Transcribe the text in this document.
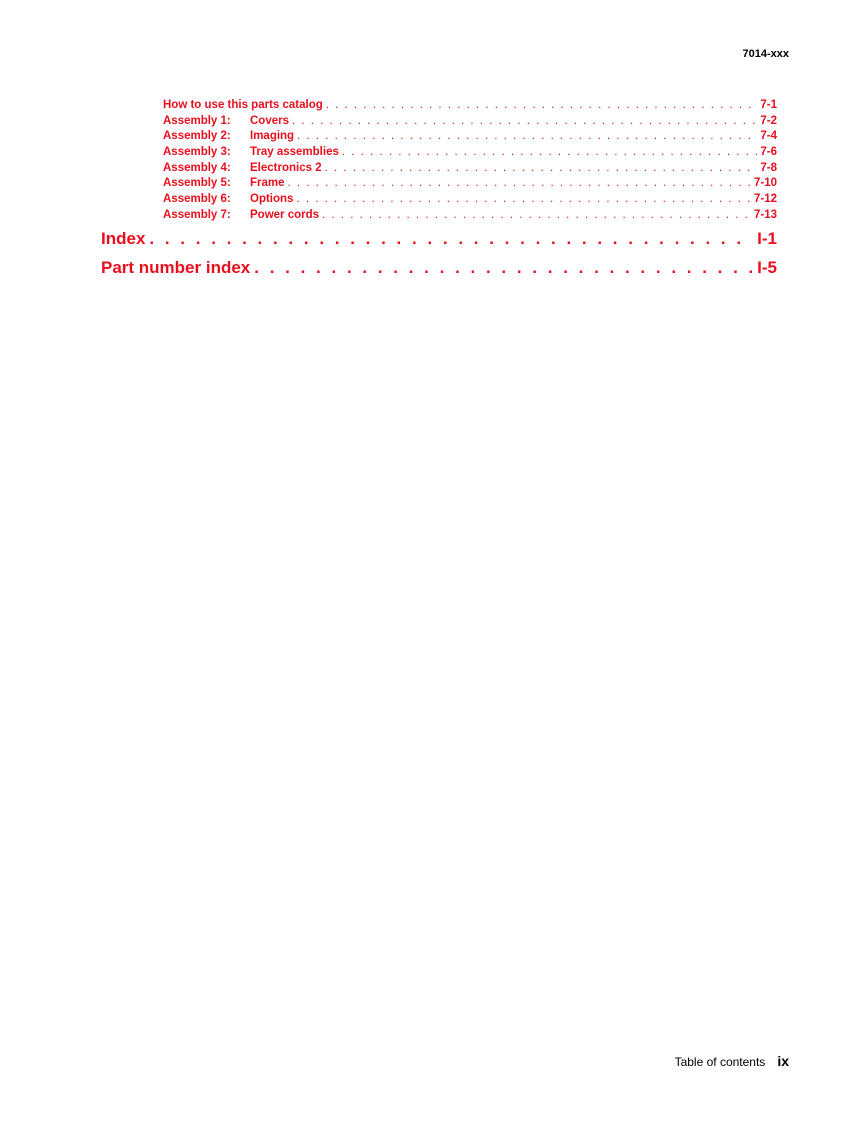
7014-xxx
How to use this parts catalog . . .	7-1
Assembly 1:	Covers . . .	7-2
Assembly 2:	Imaging . . .	7-4
Assembly 3:	Tray assemblies . . .	7-6
Assembly 4:	Electronics 2 . . .	7-8
Assembly 5:	Frame . . .	7-10
Assembly 6:	Options . . .	7-12
Assembly 7:	Power cords . . .	7-13
Index . . .	I-1
Part number index . . .	I-5
Table of contents ix
